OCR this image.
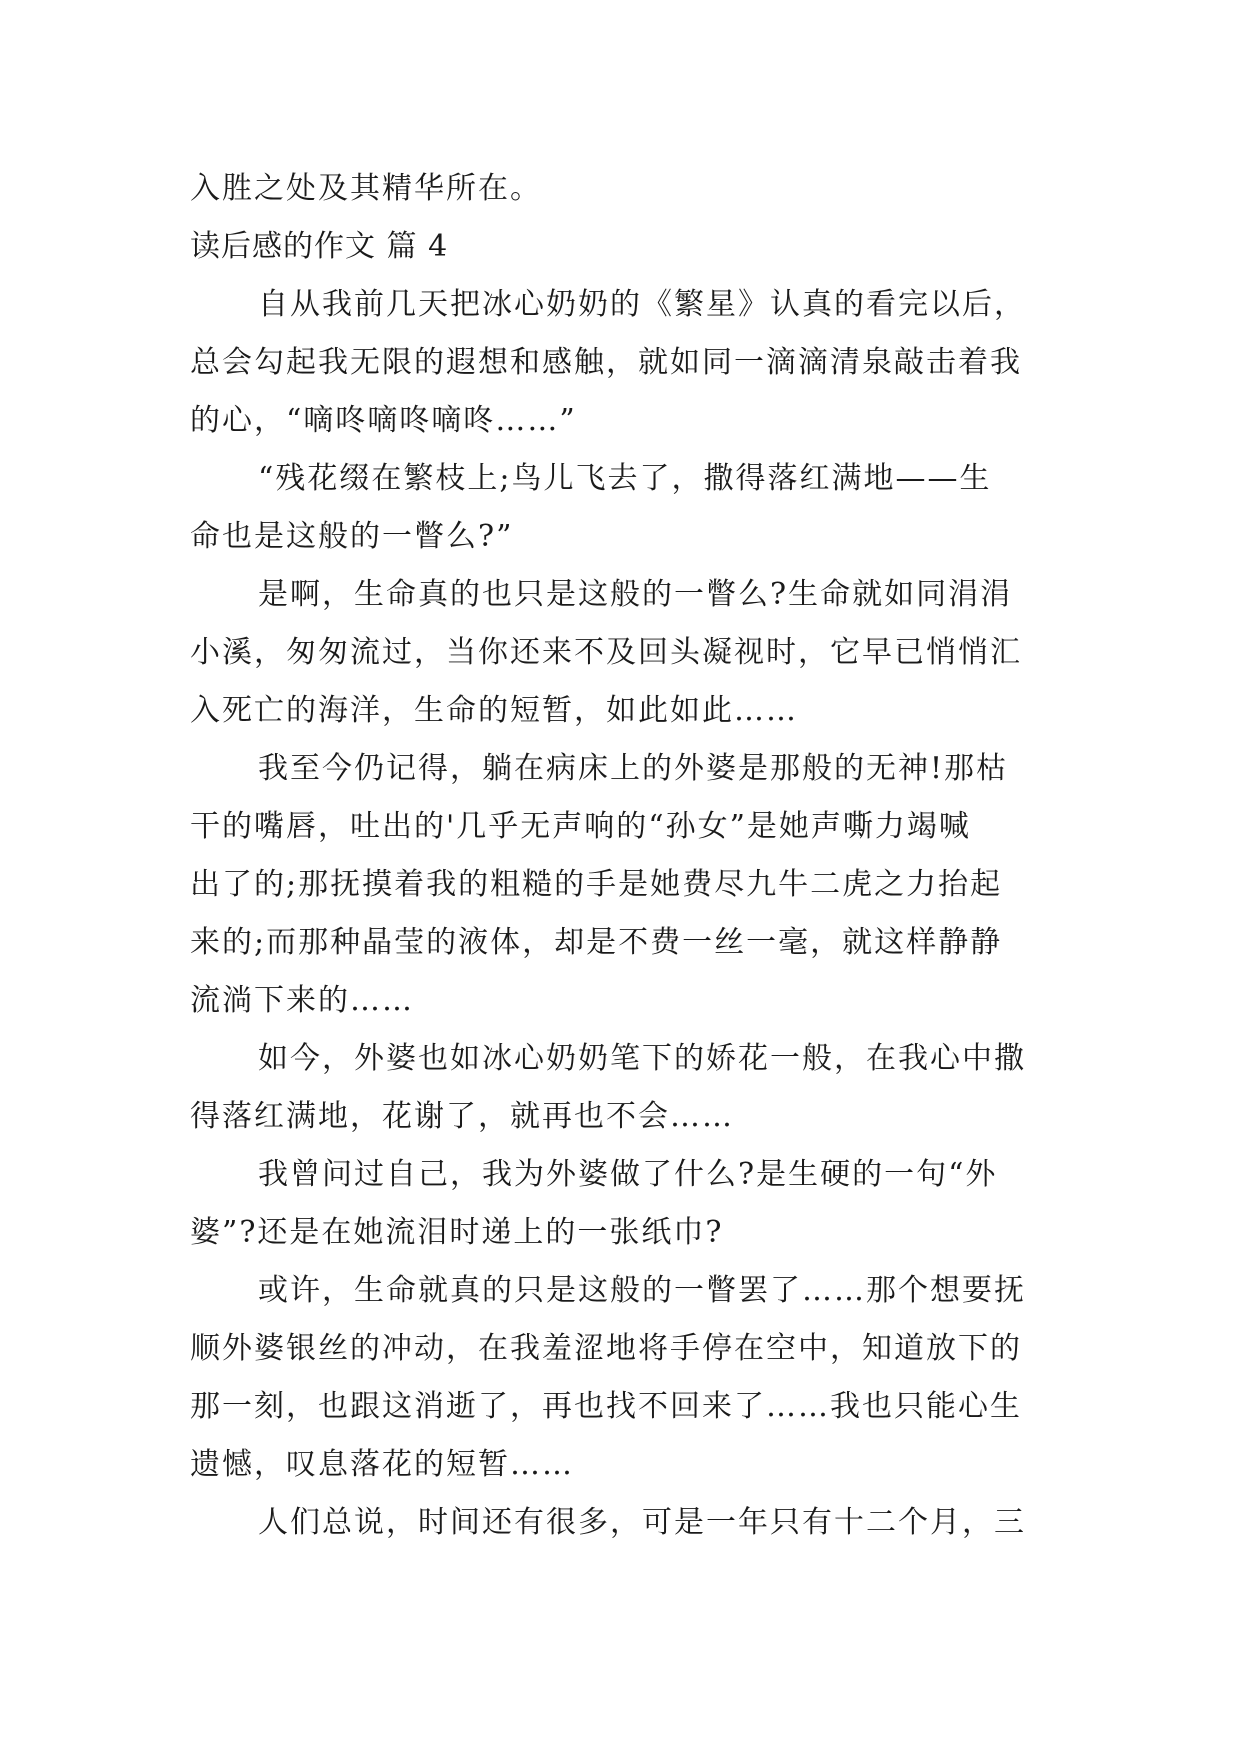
入胜之处及其精华所在。
读后感的作文 篇 4
自从我前几天把冰心奶奶的《繁星》认真的看完以后，
总会勾起我无限的遐想和感触，就如同一滴滴清泉敲击着我
的心，“嘀咚嘀咚嘀咚……”
“残花缀在繁枝上;鸟儿飞去了，撒得落红满地——生
命也是这般的一瞥么?”
是啊，生命真的也只是这般的一瞥么?生命就如同涓涓
小溪，匆匆流过，当你还来不及回头凝视时，它早已悄悄汇
入死亡的海洋，生命的短暂，如此如此……
我至今仍记得，躺在病床上的外婆是那般的无神!那枯
干的嘴唇，吐出的'几乎无声响的“孙女”是她声嘶力竭喊
出了的;那抚摸着我的粗糙的手是她费尽九牛二虎之力抬起
来的;而那种晶莹的液体，却是不费一丝一毫，就这样静静
流淌下来的……
如今，外婆也如冰心奶奶笔下的娇花一般，在我心中撒
得落红满地，花谢了，就再也不会……
我曾问过自己，我为外婆做了什么?是生硬的一句“外
婆”?还是在她流泪时递上的一张纸巾?
或许，生命就真的只是这般的一瞥罢了……那个想要抚
顺外婆银丝的冲动，在我羞涩地将手停在空中，知道放下的
那一刻，也跟这消逝了，再也找不回来了……我也只能心生
遗憾，叹息落花的短暂……
人们总说，时间还有很多，可是一年只有十二个月，三
